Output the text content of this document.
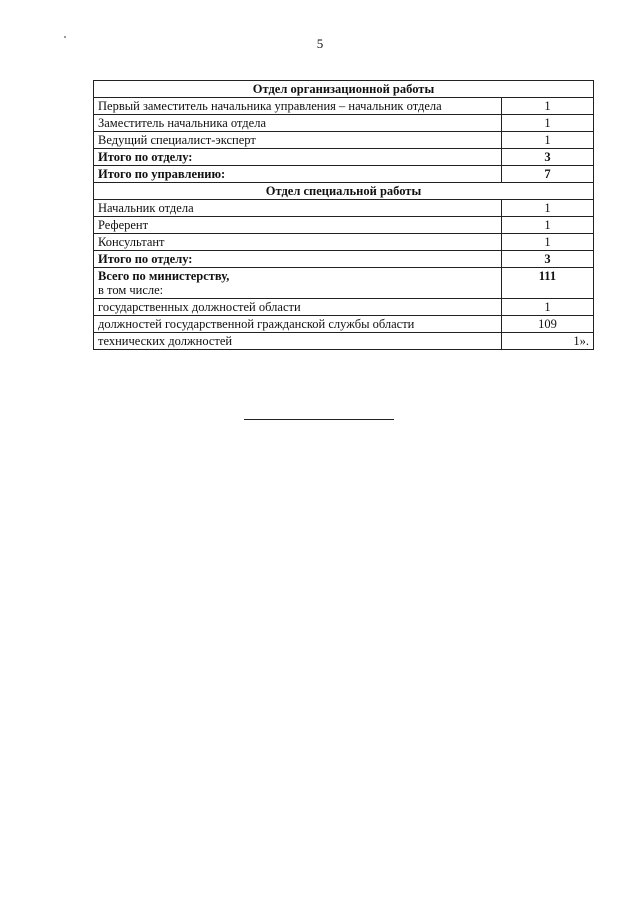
5
Отдел организационной работы	
Первый заместитель начальника управления – начальник отдела	1
Заместитель начальника отдела	1
Ведущий специалист-эксперт	1
Итого по отделу:	3
Итого по управлению:	7
Отдел специальной работы	
Начальник отдела	1
Референт	1
Консультант	1
Итого по отделу:	3
Всего по министерству,
в том числе:	111
государственных должностей области	1
должностей государственной гражданской службы области	109
технических должностей	1».
